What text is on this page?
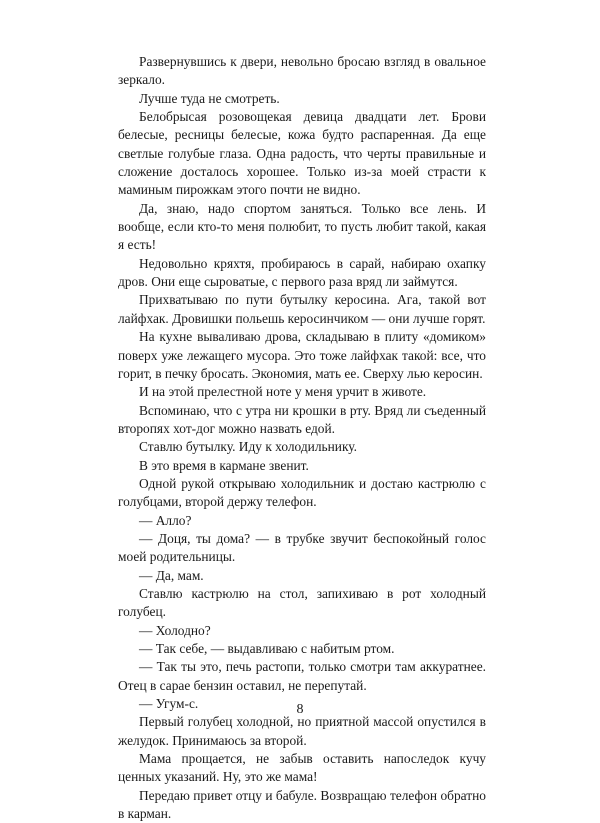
Развернувшись к двери, невольно бросаю взгляд в овальное зеркало.

Лучше туда не смотреть.

Белобрысая розовощекая девица двадцати лет. Брови белесые, ресницы белесые, кожа будто распаренная. Да еще светлые голубые глаза. Одна радость, что черты правильные и сложение досталось хорошее. Только из-за моей страсти к маминым пирожкам этого почти не видно.

Да, знаю, надо спортом заняться. Только все лень. И вообще, если кто-то меня полюбит, то пусть любит такой, какая я есть!

Недовольно кряхтя, пробираюсь в сарай, набираю охапку дров. Они еще сыроватые, с первого раза вряд ли займутся.

Прихватываю по пути бутылку керосина. Ага, такой вот лайфхак. Дровишки польешь керосинчиком — они лучше горят.

На кухне вываливаю дрова, складываю в плиту «домиком» поверх уже лежащего мусора. Это тоже лайфхак такой: все, что горит, в печку бросать. Экономия, мать ее. Сверху лью керосин.

И на этой прелестной ноте у меня урчит в животе.

Вспоминаю, что с утра ни крошки в рту. Вряд ли съеденный второпях хот-дог можно назвать едой.

Ставлю бутылку. Иду к холодильнику.

В это время в кармане звенит.

Одной рукой открываю холодильник и достаю кастрюлю с голубцами, второй держу телефон.

— Алло?

— Доця, ты дома? — в трубке звучит беспокойный голос моей родительницы.

— Да, мам.

Ставлю кастрюлю на стол, запихиваю в рот холодный голубец.

— Холодно?

— Так себе, — выдавливаю с набитым ртом.

— Так ты это, печь растопи, только смотри там аккуратнее. Отец в сарае бензин оставил, не перепутай.

— Угум-с.

Первый голубец холодной, но приятной массой опустился в желудок. Принимаюсь за второй.

Мама прощается, не забыв оставить напоследок кучу ценных указаний. Ну, это же мама!

Передаю привет отцу и бабуле. Возвращаю телефон обратно в карман.

8
